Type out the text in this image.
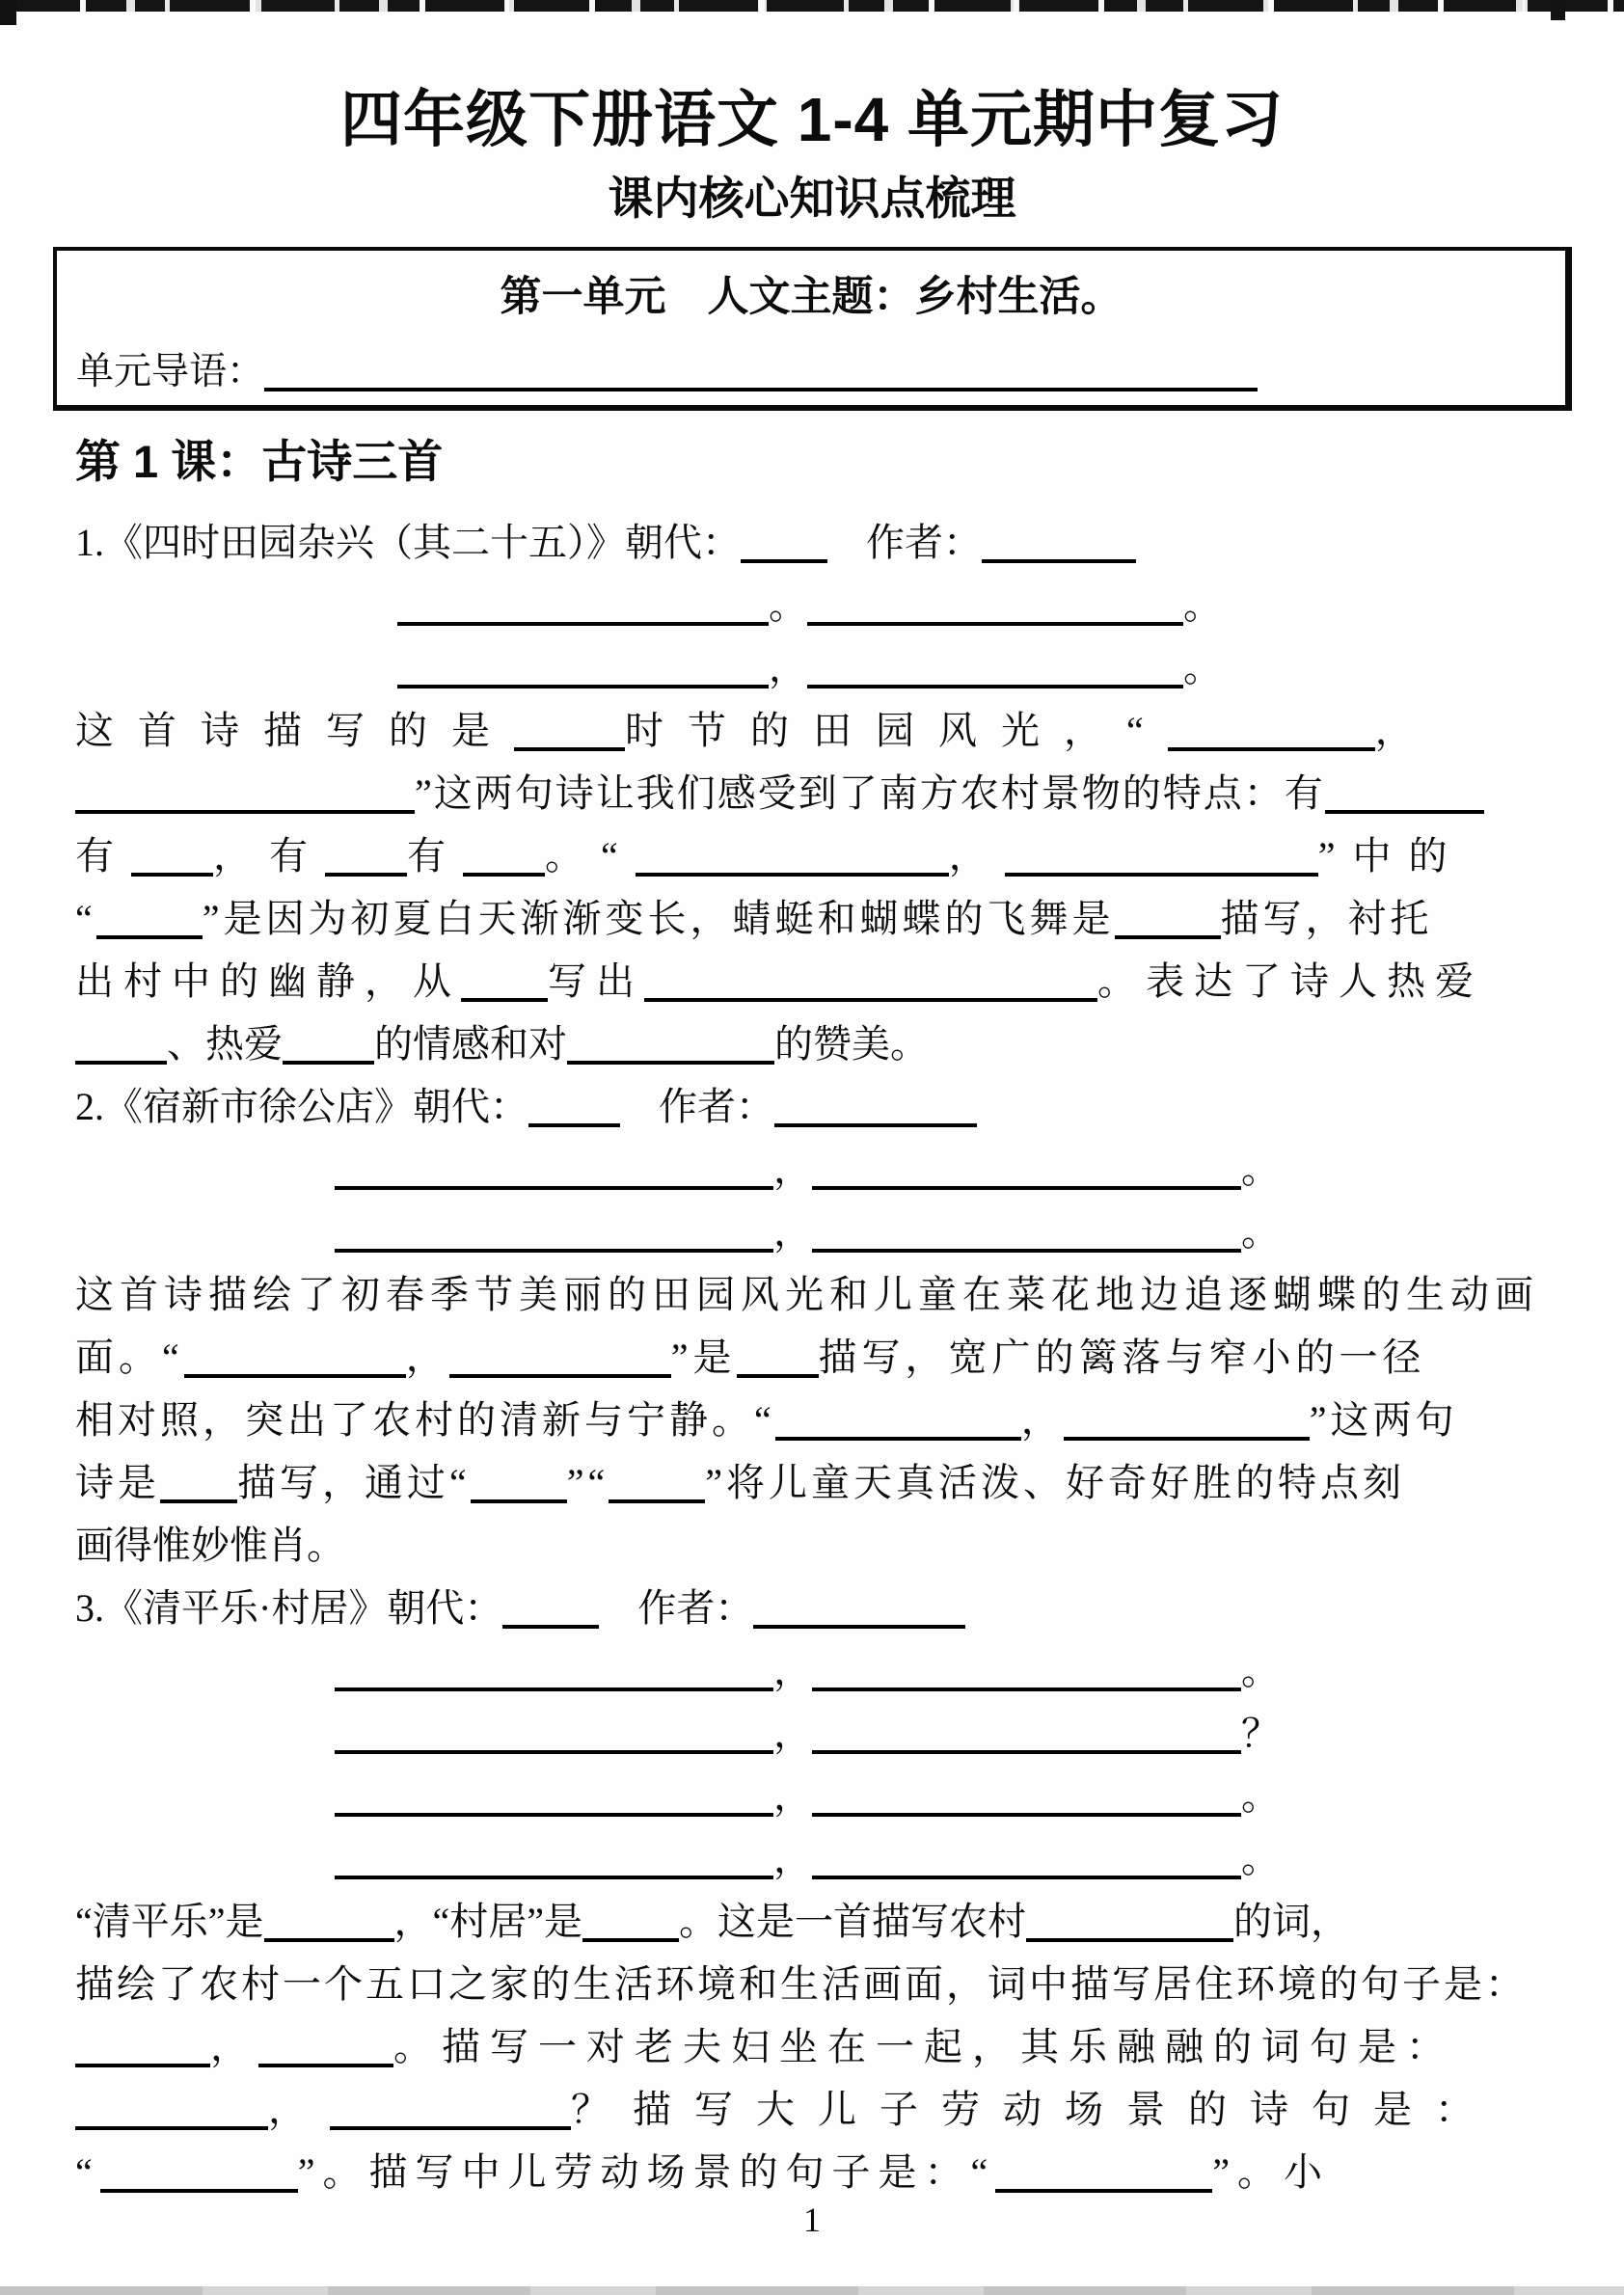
四年级下册语文 1-4 单元期中复习
课内核心知识点梳理
第一单元　人文主题：乡村生活。
单元导语：
第 1 课：古诗三首
1.《四时田园杂兴（其二十五）》朝代：　	作者：
。	。
，	。
这首诗描写的是	时节的田园风光，“	，
”这两句诗让我们感受到了南方农村景物的特点：有
有 ，有 有 。“	，	”中的
“	”是因为初夏白天渐渐变长，蜻蜓和蝴蝶的飞舞是	描写，衬托
出村中的幽静，从 写出	。表达了诗人热爱
、热爱 的情感和对	的赞美。
2.《宿新市徐公店》朝代：　	作者：
，	。
，	。
这首诗描绘了初春季节美丽的田园风光和儿童在菜花地边追逐蝴蝶的生动画
面。“	，	”是 描写，宽广的篱落与窄小的一径
相对照，突出了农村的清新与宁静。“	，	”这两句
诗是 描写，通过“	”“	”将儿童天真活泼、好奇好胜的特点刻
画得惟妙惟肖。
3.《清平乐·村居》朝代：　	作者：
，	。
，	？
，	。
，	。
“清平乐”是	，“村居”是	。这是一首描写农村	的词，
描绘了农村一个五口之家的生活环境和生活画面，词中描写居住环境的句子是：
，	。描写一对老夫妇坐在一起，其乐融融的词句是：
，	？描写大儿子劳动场景的诗句是：
“	”。描写中儿劳动场景的句子是：“	”。小
1
